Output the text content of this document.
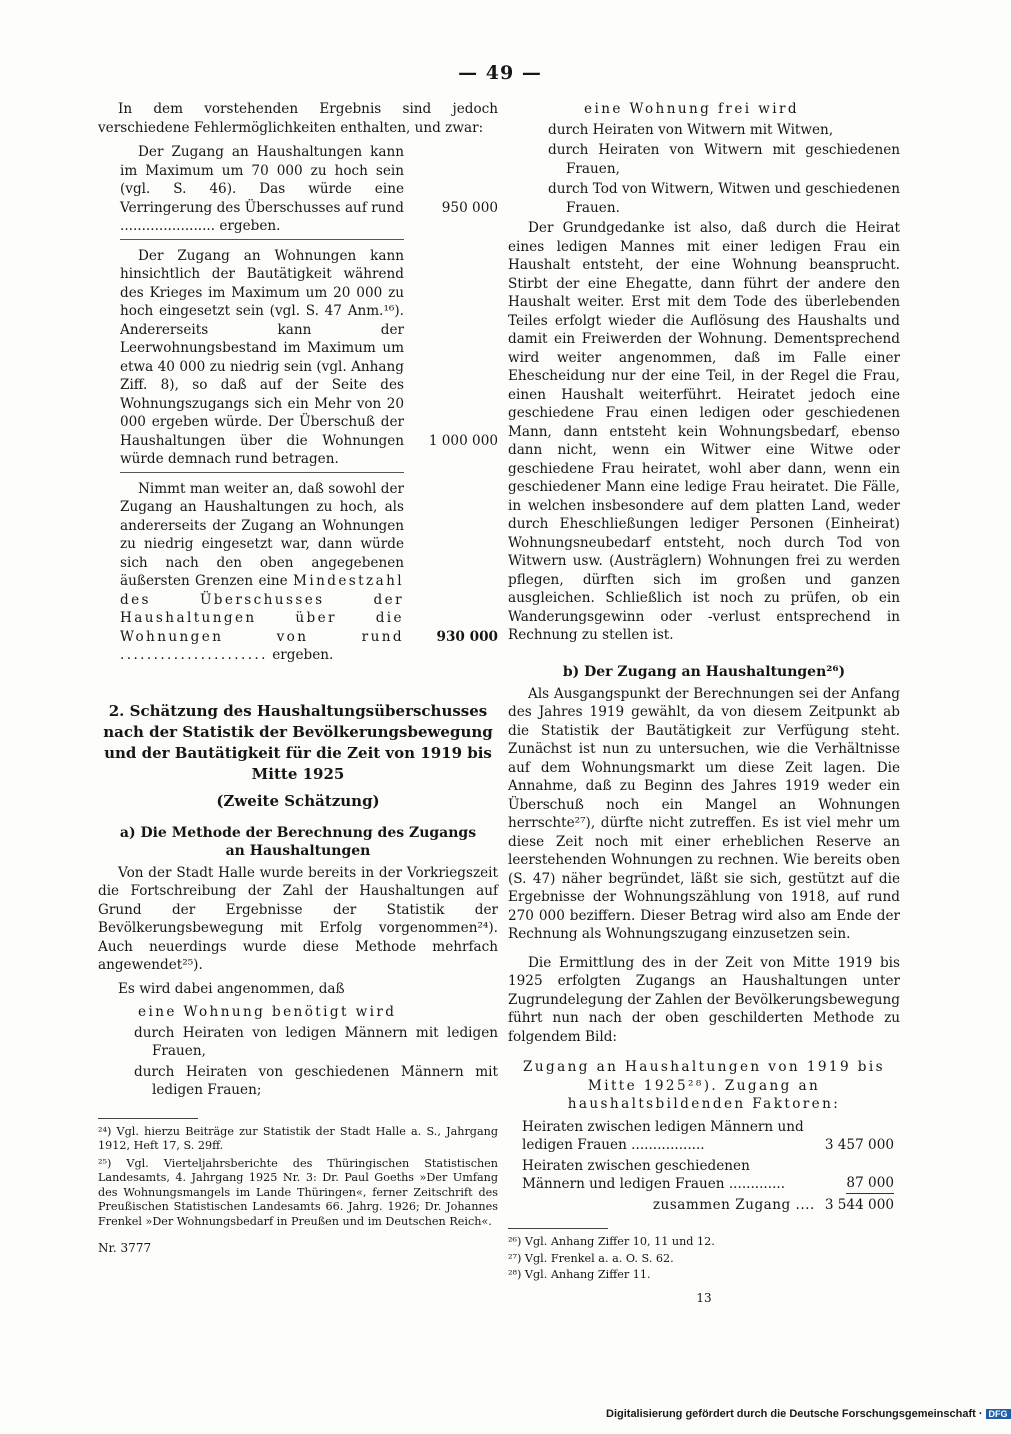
— 49 —

In dem vorstehenden Ergebnis sind jedoch verschiedene Fehlermöglichkeiten enthalten, und zwar:

Der Zugang an Haushaltungen kann im Maximum um 70 000 zu hoch sein (vgl. S. 46). Das würde eine Verringerung des Überschusses auf rund ...................... ergeben.

950 000

Der Zugang an Wohnungen kann hinsichtlich der Bautätigkeit während des Krieges im Maximum um 20 000 zu hoch eingesetzt sein (vgl. S. 47 Anm.¹⁶). Andererseits kann der Leerwohnungsbestand im Maximum um etwa 40 000 zu niedrig sein (vgl. Anhang Ziff. 8), so daß auf der Seite des Wohnungszugangs sich ein Mehr von 20 000 ergeben würde. Der Überschuß der Haushaltungen über die Wohnungen würde demnach rund betragen.

1 000 000

Nimmt man weiter an, daß sowohl der Zugang an Haushaltungen zu hoch, als andererseits der Zugang an Wohnungen zu niedrig eingesetzt war, dann würde sich nach den oben angegebenen äußersten Grenzen eine Mindestzahl des Überschusses der Haushaltungen über die Wohnungen von rund ...................... ergeben.

930 000
2. Schätzung des Haushaltungsüberschusses nach der Statistik der Bevölkerungsbewegung und der Bautätigkeit für die Zeit von 1919 bis Mitte 1925
(Zweite Schätzung)
a) Die Methode der Berechnung des Zugangs an Haushaltungen

Von der Stadt Halle wurde bereits in der Vorkriegszeit die Fortschreibung der Zahl der Haushaltungen auf Grund der Ergebnisse der Statistik der Bevölkerungsbewegung mit Erfolg vorgenommen²⁴). Auch neuerdings wurde diese Methode mehrfach angewendet²⁵).

Es wird dabei angenommen, daß

eine Wohnung benötigt wird

durch Heiraten von ledigen Männern mit ledigen Frauen,

durch Heiraten von geschiedenen Männern mit ledigen Frauen;

²⁴) Vgl. hierzu Beiträge zur Statistik der Stadt Halle a. S., Jahrgang 1912, Heft 17, S. 29ff.

²⁵) Vgl. Vierteljahrsberichte des Thüringischen Statistischen Landesamts, 4. Jahrgang 1925 Nr. 3: Dr. Paul Goeths »Der Umfang des Wohnungsmangels im Lande Thüringen«, ferner Zeitschrift des Preußischen Statistischen Landesamts 66. Jahrg. 1926; Dr. Johannes Frenkel »Der Wohnungsbedarf in Preußen und im Deutschen Reich«.

Nr. 3777

eine Wohnung frei wird

durch Heiraten von Witwern mit Witwen,

durch Heiraten von Witwern mit geschiedenen Frauen,

durch Tod von Witwern, Witwen und geschiedenen Frauen.

Der Grundgedanke ist also, daß durch die Heirat eines ledigen Mannes mit einer ledigen Frau ein Haushalt entsteht, der eine Wohnung beansprucht. Stirbt der eine Ehegatte, dann führt der andere den Haushalt weiter. Erst mit dem Tode des überlebenden Teiles erfolgt wieder die Auflösung des Haushalts und damit ein Freiwerden der Wohnung. Dementsprechend wird weiter angenommen, daß im Falle einer Ehescheidung nur der eine Teil, in der Regel die Frau, einen Haushalt weiterführt. Heiratet jedoch eine geschiedene Frau einen ledigen oder geschiedenen Mann, dann entsteht kein Wohnungsbedarf, ebenso dann nicht, wenn ein Witwer eine Witwe oder geschiedene Frau heiratet, wohl aber dann, wenn ein geschiedener Mann eine ledige Frau heiratet. Die Fälle, in welchen insbesondere auf dem platten Land, weder durch Eheschließungen lediger Personen (Einheirat) Wohnungsneubedarf entsteht, noch durch Tod von Witwern usw. (Austräglern) Wohnungen frei zu werden pflegen, dürften sich im großen und ganzen ausgleichen. Schließlich ist noch zu prüfen, ob ein Wanderungsgewinn oder -verlust entsprechend in Rechnung zu stellen ist.

b) Der Zugang an Haushaltungen²⁶)

Als Ausgangspunkt der Berechnungen sei der Anfang des Jahres 1919 gewählt, da von diesem Zeitpunkt ab die Statistik der Bautätigkeit zur Verfügung steht. Zunächst ist nun zu untersuchen, wie die Verhältnisse auf dem Wohnungsmarkt um diese Zeit lagen. Die Annahme, daß zu Beginn des Jahres 1919 weder ein Überschuß noch ein Mangel an Wohnungen herrschte²⁷), dürfte nicht zutreffen. Es ist viel mehr um diese Zeit noch mit einer erheblichen Reserve an leerstehenden Wohnungen zu rechnen. Wie bereits oben (S. 47) näher begründet, läßt sie sich, gestützt auf die Ergebnisse der Wohnungszählung von 1918, auf rund 270 000 beziffern. Dieser Betrag wird also am Ende der Rechnung als Wohnungszugang einzusetzen sein.

Die Ermittlung des in der Zeit von Mitte 1919 bis 1925 erfolgten Zugangs an Haushaltungen unter Zugrundelegung der Zahlen der Bevölkerungsbewegung führt nun nach der oben geschilderten Methode zu folgendem Bild:

Zugang an Haushaltungen von 1919 bis Mitte 1925²⁸). Zugang an haushaltsbildenden Faktoren:

Heiraten zwischen ledigen Männern und ledigen Frauen .................	3 457 000
Heiraten zwischen geschiedenen Männern und ledigen Frauen .............	87 000
zusammen Zugang .... 3 544 000

²⁶) Vgl. Anhang Ziffer 10, 11 und 12.

²⁷) Vgl. Frenkel a. a. O. S. 62.

²⁸) Vgl. Anhang Ziffer 11.

13

Digitalisierung gefördert durch die Deutsche Forschungsgemeinschaft · DFG
